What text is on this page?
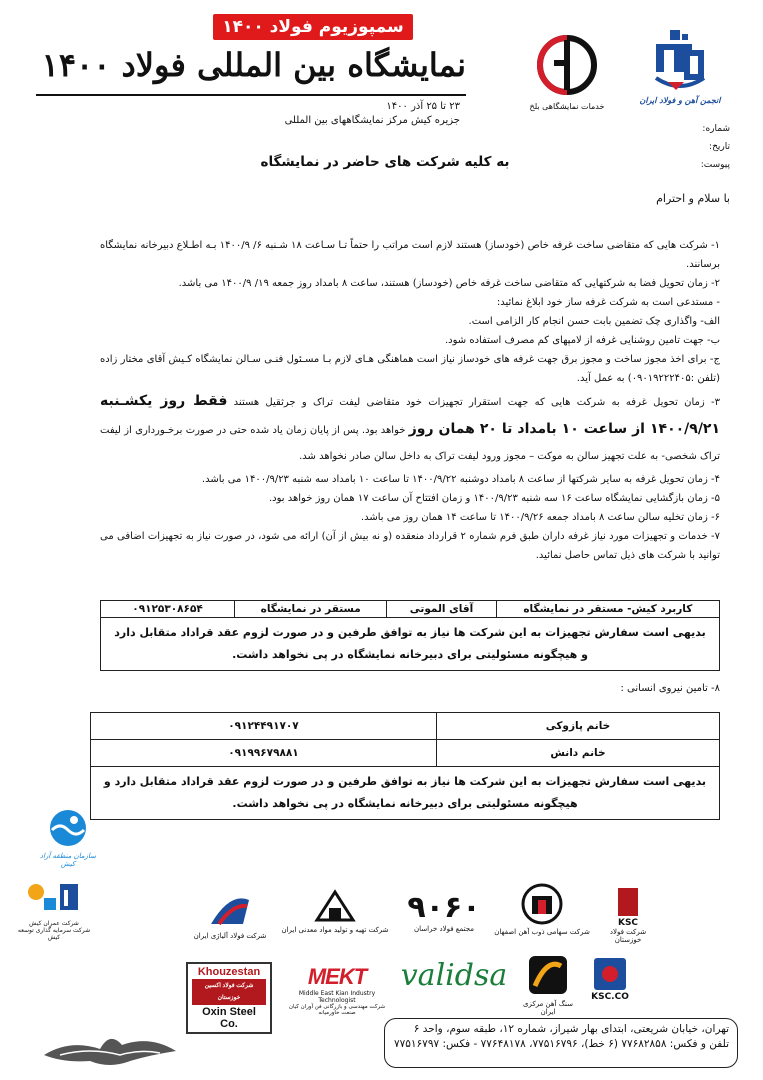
سمپوزیوم فولاد ۱۴۰۰
نمایشگاه بین المللی فولاد ۱۴۰۰
۲۳ تا ۲۵ آذر ۱۴۰۰
جزیره کیش مرکز نمایشگاههای بین المللی
انجمن آهن و فولاد ایران
خدمات نمایشگاهی بلخ
شماره:
تاریخ:
پیوست:
به کلیه شرکت های حاضر در نمایشگاه
با سلام و احترام

۱- شرکت هایی که متقاضی ساخت غرفه خاص (خودساز) هستند لازم است مراتب را حتماً تـا سـاعت ۱۸ شـنبه ۶/ ۱۴۰۰/۹ بـه اطـلاع دبیرخانه نمایشگاه برسانند.

۲- زمان تحویل فضا به شرکتهایی که متقاضی ساخت غرفه خاص (خودساز) هستند، ساعت ۸ بامداد روز جمعه ۱۹/ ۱۴۰۰/۹ می باشد.

- مستدعی است به شرکت غرفه ساز خود ابلاغ نمائید:

الف- واگذاری چک تضمین بابت حسن انجام کار الزامی است.

ب- جهت تامین روشنایی غرفه از لامپهای کم مصرف استفاده شود.

ج- برای اخذ مجوز ساخت و مجوز برق جهت غرفه های خودساز نیاز است هماهنگی هـای لازم بـا مسـئول فنـی سـالن نمایشگاه کـیش آقای مختار زاده (تلفن :۰۹۰۱۹۲۲۲۴۰۵) به عمل آید.

۳- زمان تحویل غرفه به شرکت هایی که جهت استقرار تجهیزات خود متقاضی لیفت تراک و جرثقیل هستند فقط روز یکشـنبه ۱۴۰۰/۹/۲۱ از ساعت ۱۰ بامداد تا ۲۰ همان روز خواهد بود. پس از پایان زمان یاد شده حتی در صورت برخـورداری از لیفت تراک شخصی- به علت تجهیز سالن به موکت – مجوز ورود لیفت تراک به داخل سالن صادر نخواهد شد.

۴- زمان تحویل غرفه به سایر شرکتها از ساعت ۸ بامداد دوشنبه ۱۴۰۰/۹/۲۲ تا ساعت ۱۰ بامداد سه شنبه ۱۴۰۰/۹/۲۳ می باشد.

۵- زمان بازگشایی نمایشگاه ساعت ۱۶ سه شنبه ۱۴۰۰/۹/۲۳ و زمان افتتاح آن ساعت ۱۷ همان روز خواهد بود.

۶- زمان تخلیه سالن ساعت ۸ بامداد جمعه ۱۴۰۰/۹/۲۶ تا ساعت ۱۴ همان روز می باشد.

۷- خدمات و تجهیزات مورد نیاز غرفه داران طبق فرم شماره ۲ قرارداد منعقده (و نه بیش از آن) ارائه می شود، در صورت نیاز به تجهیزات اضافی می توانید با شرکت های ذیل تماس حاصل نمائید.

کاربرد کیش- مستقر در نمایشگاه	آقای الموتی	مستقر در نمایشگاه	۰۹۱۲۵۳۰۸۶۵۴
بدیهی است سفارش تجهیزات به این شرکت ها نیاز به توافق طرفین و در صورت لزوم عقد قراداد متقابل دارد و هیچگونه مسئولیتی برای دبیرخانه نمایشگاه در پی نخواهد داشت.
۸- تامین نیروی انسانی :
خانم پازوکی	۰۹۱۲۴۴۹۱۷۰۷
خانم دانش	۰۹۱۹۹۶۷۹۸۸۱
بدیهی است سفارش تجهیزات به این شرکت ها نیاز به توافق طرفین و در صورت لزوم عقد قراداد متقابل دارد و هیچگونه مسئولیتی برای دبیرخانه نمایشگاه در پی نخواهد داشت.	
سازمان منطقه آزاد کیش
شرکت عمران کیش
شرکت سرمایه گذاری توسعه کیش
KSC
شرکت فولاد خوزستان
شرکت سهامی ذوب آهن اصفهان
۹۰۶۰
مجتمع فولاد خراسان
شرکت تهیه و تولید مواد معدنی ایران
شرکت فولاد آلیاژی ایران
KSC.CO
سنگ آهن مرکزی ایران
validsa
MEKT
Middle East Kian Industry Technologist
شرکت مهندسی و بازرگانی فن آوران کیان صنعت خاورمیانه
Khouzestan
شرکت فولاد اکسین خوزستان
Oxin Steel Co.	تهران، خیابان شریعتی، ابتدای بهار شیراز، شماره ۱۲، طبقه سوم، واحد ۶
تلفن و فکس: ۷۷۶۸۲۸۵۸ (۶ خط)، ۷۷۵۱۶۷۹۶، ۷۷۶۴۸۱۷۸ - فکس: ۷۷۵۱۶۷۹۷
